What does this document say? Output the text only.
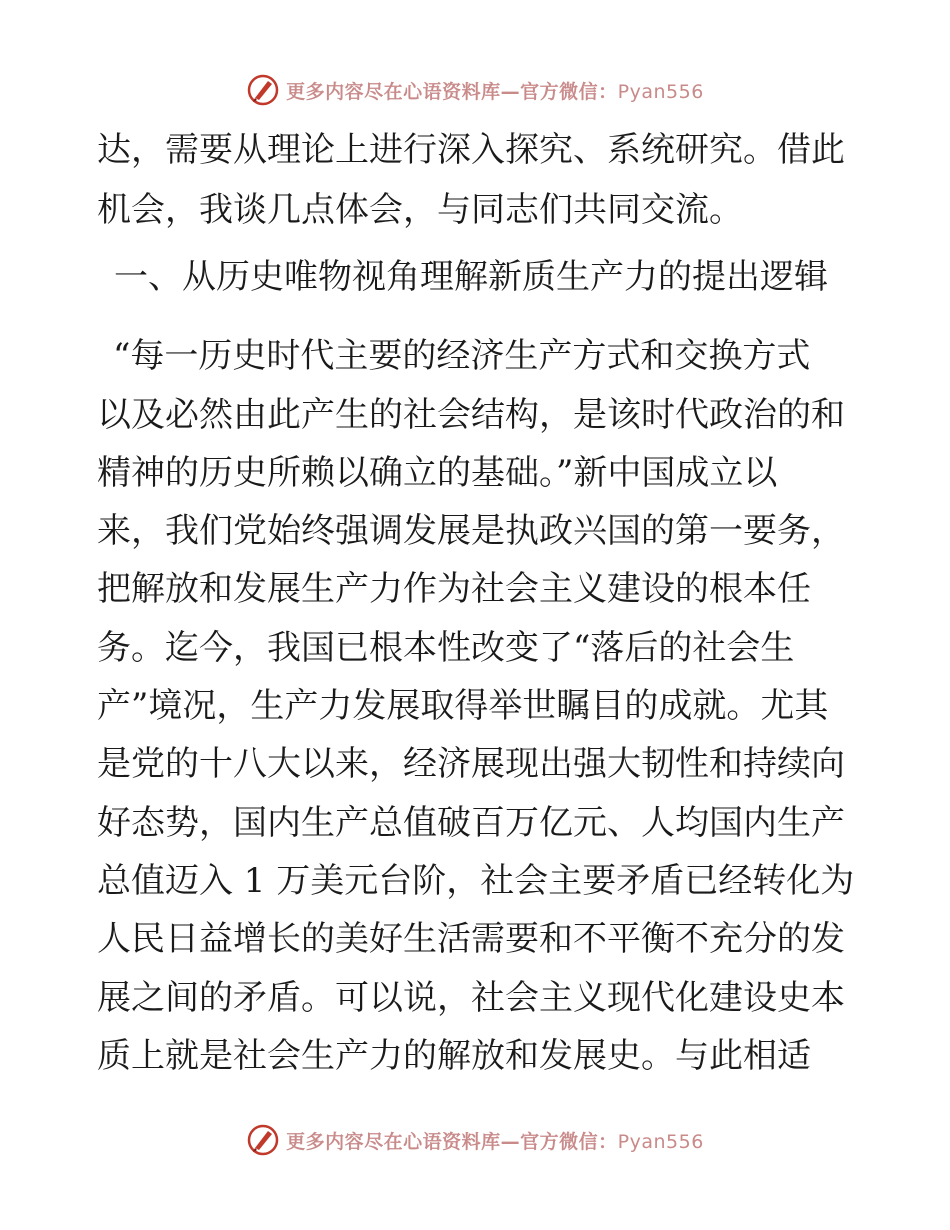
更多内容尽在心语资料库—官方微信：Pyan556
达，需要从理论上进行深入探究、系统研究。借此
机会，我谈几点体会，与同志们共同交流。
一、从历史唯物视角理解新质生产力的提出逻辑
“每一历史时代主要的经济生产方式和交换方式
以及必然由此产生的社会结构，是该时代政治的和
精神的历史所赖以确立的基础。”新中国成立以
来，我们党始终强调发展是执政兴国的第一要务，
把解放和发展生产力作为社会主义建设的根本任
务。迄今，我国已根本性改变了“落后的社会生
产”境况，生产力发展取得举世瞩目的成就。尤其
是党的十八大以来，经济展现出强大韧性和持续向
好态势，国内生产总值破百万亿元、人均国内生产
总值迈入 1 万美元台阶，社会主要矛盾已经转化为
人民日益增长的美好生活需要和不平衡不充分的发
展之间的矛盾。可以说，社会主义现代化建设史本
质上就是社会生产力的解放和发展史。与此相适
更多内容尽在心语资料库—官方微信：Pyan556
